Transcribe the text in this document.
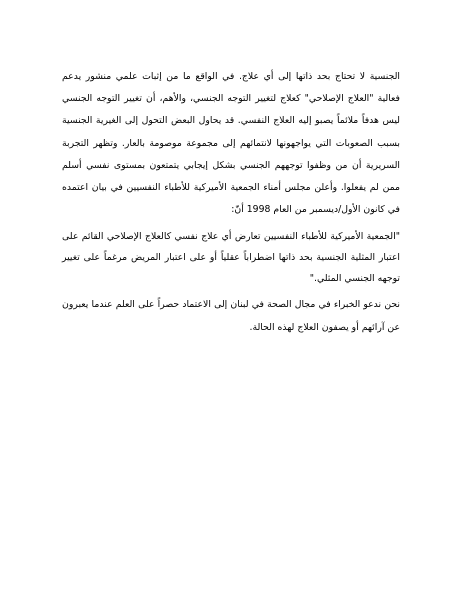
الجنسية لا تحتاج بحد ذاتها إلى أي علاج. في الواقع ما من إثبات علمي منشور يدعم فعالية "العلاج الإصلاحي" كعلاج لتغيير التوجه الجنسي، والأهم، أن تغيير التوجه الجنسي ليس هدفاً ملائماً يصبو إليه العلاج النفسي. قد يحاول البعض التحول إلى الغيرية الجنسية بسبب الصعوبات التي يواجهونها لانتمائهم إلى مجموعة موصومة بالعار. وتظهر التجربة السريرية أن من وظفوا توجههم الجنسي بشكل إيجابي يتمتعون بمستوى نفسي أسلم ممن لم يفعلوا. وأعلن مجلس أمناء الجمعية الأميركية للأطباء النفسيين في بيان اعتمده في كانون الأول/ديسمبر من العام 1998 أنّ:

"الجمعية الأميركية للأطباء النفسيين تعارض أي علاج نفسي كالعلاج الإصلاحي القائم على اعتبار المثلية الجنسية بحد ذاتها اضطراباً عقلياً أو على اعتبار المريض مرغماً على تغيير توجهه الجنسي المثلي."

نحن ندعو الخبراء في مجال الصحة في لبنان إلى الاعتماد حصراً على العلم عندما يعبرون عن آرائهم أو يصفون العلاج لهذه الحالة.
